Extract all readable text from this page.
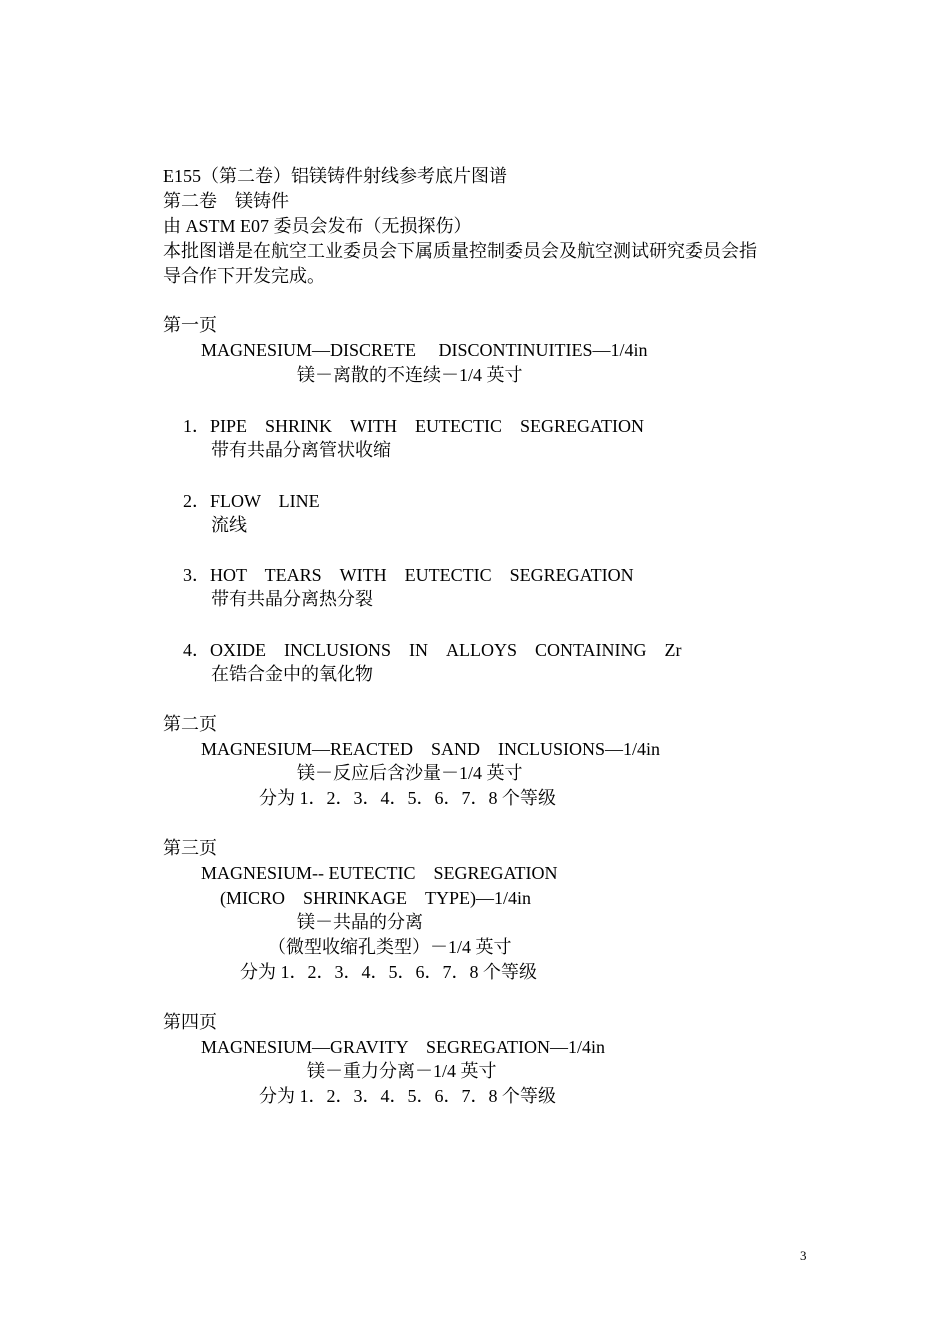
E155（第二卷）铝镁铸件射线参考底片图谱
第二卷　镁铸件
由 ASTM E07 委员会发布（无损探伤）
本批图谱是在航空工业委员会下属质量控制委员会及航空测试研究委员会指
导合作下开发完成。
第一页
MAGNESIUM—DISCRETE　 DISCONTINUITIES—1/4in
镁－离散的不连续－1/4 英寸
1．PIPE　SHRINK　WITH　EUTECTIC　SEGREGATION
带有共晶分离管状收缩
2．FLOW　LINE
流线
3．HOT　TEARS　WITH　EUTECTIC　SEGREGATION
带有共晶分离热分裂
4．OXIDE　INCLUSIONS　IN　ALLOYS　CONTAINING　Zr
在锆合金中的氧化物
第二页
MAGNESIUM—REACTED　SAND　INCLUSIONS—1/4in
镁－反应后含沙量－1/4 英寸
分为 1．2．3．4．5．6．7．8 个等级
第三页
MAGNESIUM-- EUTECTIC　SEGREGATION
(MICRO　SHRINKAGE　TYPE)—1/4in
镁－共晶的分离
（微型收缩孔类型）－1/4 英寸
分为 1．2．3．4．5．6．7．8 个等级
第四页
MAGNESIUM—GRAVITY　SEGREGATION—1/4in
镁－重力分离－1/4 英寸
分为 1．2．3．4．5．6．7．8 个等级
3
